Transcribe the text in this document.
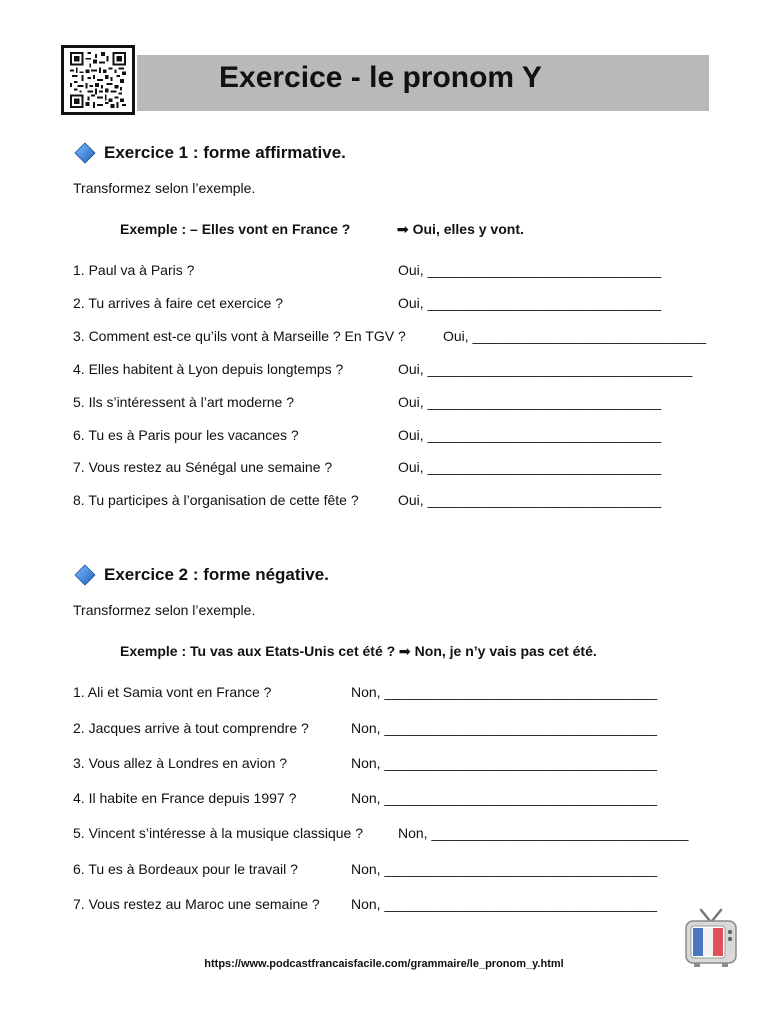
Exercice - le pronom Y
Exercice 1 : forme affirmative.
Transformez selon l’exemple.
Exemple : – Elles vont en France ?	➟ Oui, elles y vont.
1. Paul va à Paris ?	Oui, ______________________________
2. Tu arrives à faire cet exercice ?	Oui, ______________________________
3. Comment est-ce qu’ils vont à Marseille ? En TGV ?	Oui, ______________________________
4. Elles habitent à Lyon depuis longtemps ?	Oui, __________________________________
5. Ils s’intéressent à l’art moderne ?	Oui, ______________________________
6. Tu es à Paris pour les vacances ?	Oui, ______________________________
7. Vous restez au Sénégal une semaine ?	Oui, ______________________________
8. Tu participes à l’organisation de cette fête ?	Oui, ______________________________
Exercice 2 : forme négative.
Transformez selon l’exemple.
Exemple : Tu vas aux Etats-Unis cet été ? ➟ Non, je n’y vais pas cet été.
1. Ali et Samia vont en France ?	Non, ___________________________________
2. Jacques arrive à tout comprendre ?	Non, ___________________________________
3. Vous allez à Londres en avion ?	Non, ___________________________________
4. Il habite en France depuis 1997 ?	Non, ___________________________________
5. Vincent s’intéresse à la musique classique ? Non, _________________________________
6. Tu es à Bordeaux pour le travail ?	Non, ___________________________________
7. Vous restez au Maroc une semaine ? Non, ___________________________________
https://www.podcastfrancaisfacile.com/grammaire/le_pronom_y.html
